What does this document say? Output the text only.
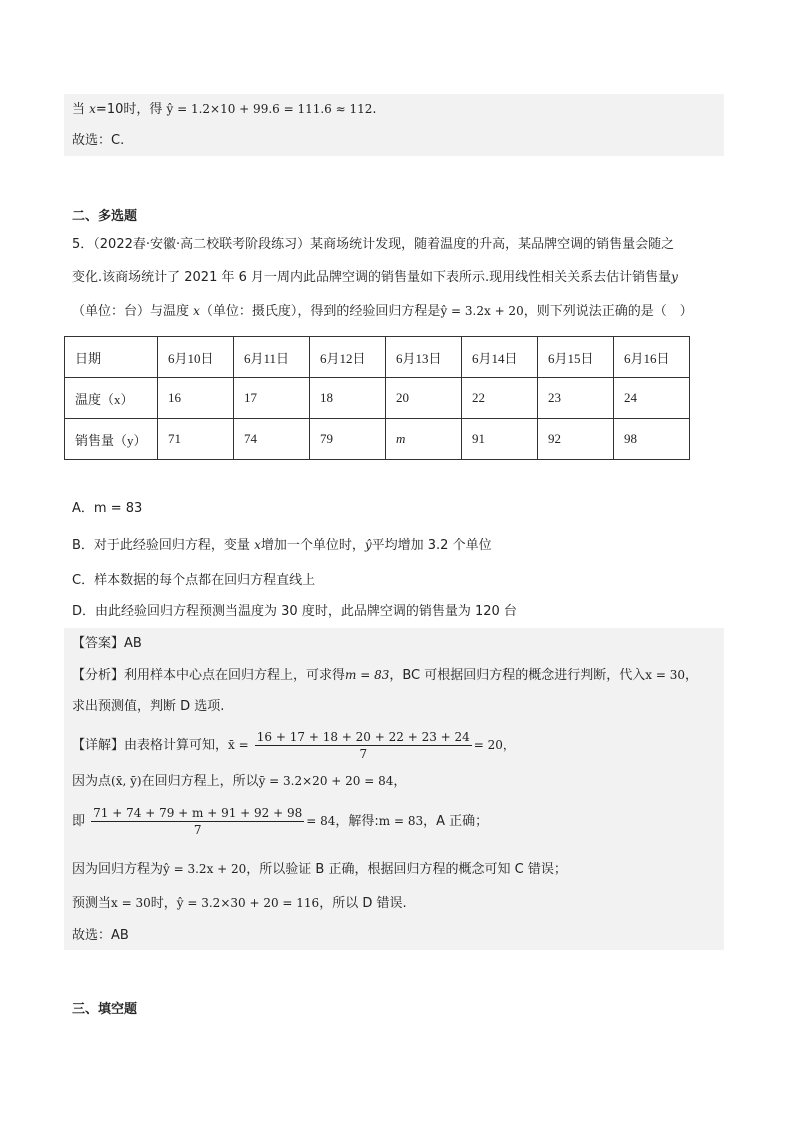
当 x=10时，得 ŷ = 1.2×10 + 99.6 = 111.6 ≈ 112.
故选：C.
二、多选题
5．（2022春·安徽·高二校联考阶段练习）某商场统计发现，随着温度的升高，某品牌空调的销售量会随之
变化.该商场统计了 2021 年 6 月一周内此品牌空调的销售量如下表所示.现用线性相关关系去估计销售量y
（单位：台）与温度 x（单位：摄氏度），得到的经验回归方程是ŷ = 3.2x + 20，则下列说法正确的是（　）
日期	6月10日	6月11日	6月12日	6月13日	6月14日	6月15日	6月16日
温度（x）	16	17	18	20	22	23	24
销售量（y）	71	74	79	m	91	92	98
A．m = 83
B．对于此经验回归方程，变量 x增加一个单位时，ŷ平均增加 3.2 个单位
C．样本数据的每个点都在回归方程直线上
D．由此经验回归方程预测当温度为 30 度时，此品牌空调的销售量为 120 台
【答案】AB
【分析】利用样本中心点在回归方程上，可求得m = 83，BC 可根据回归方程的概念进行判断，代入x = 30，
求出预测值，判断 D 选项.
【详解】由表格计算可知，x̄ = $\frac{16 + 17 + 18 + 20 + 22 + 23 + 24}{7} = 20$，
因为点(x̄, ȳ)在回归方程上，所以ȳ = 3.2×20 + 20 = 84，
即 $\frac{71 + 74 + 79 + m + 91 + 92 + 98}{7} = 84$，解得:m = 83，A 正确；
因为回归方程为ŷ = 3.2x + 20，所以验证 B 正确，根据回归方程的概念可知 C 错误；
预测当x = 30时，ŷ = 3.2×30 + 20 = 116，所以 D 错误.
故选：AB
三、填空题
